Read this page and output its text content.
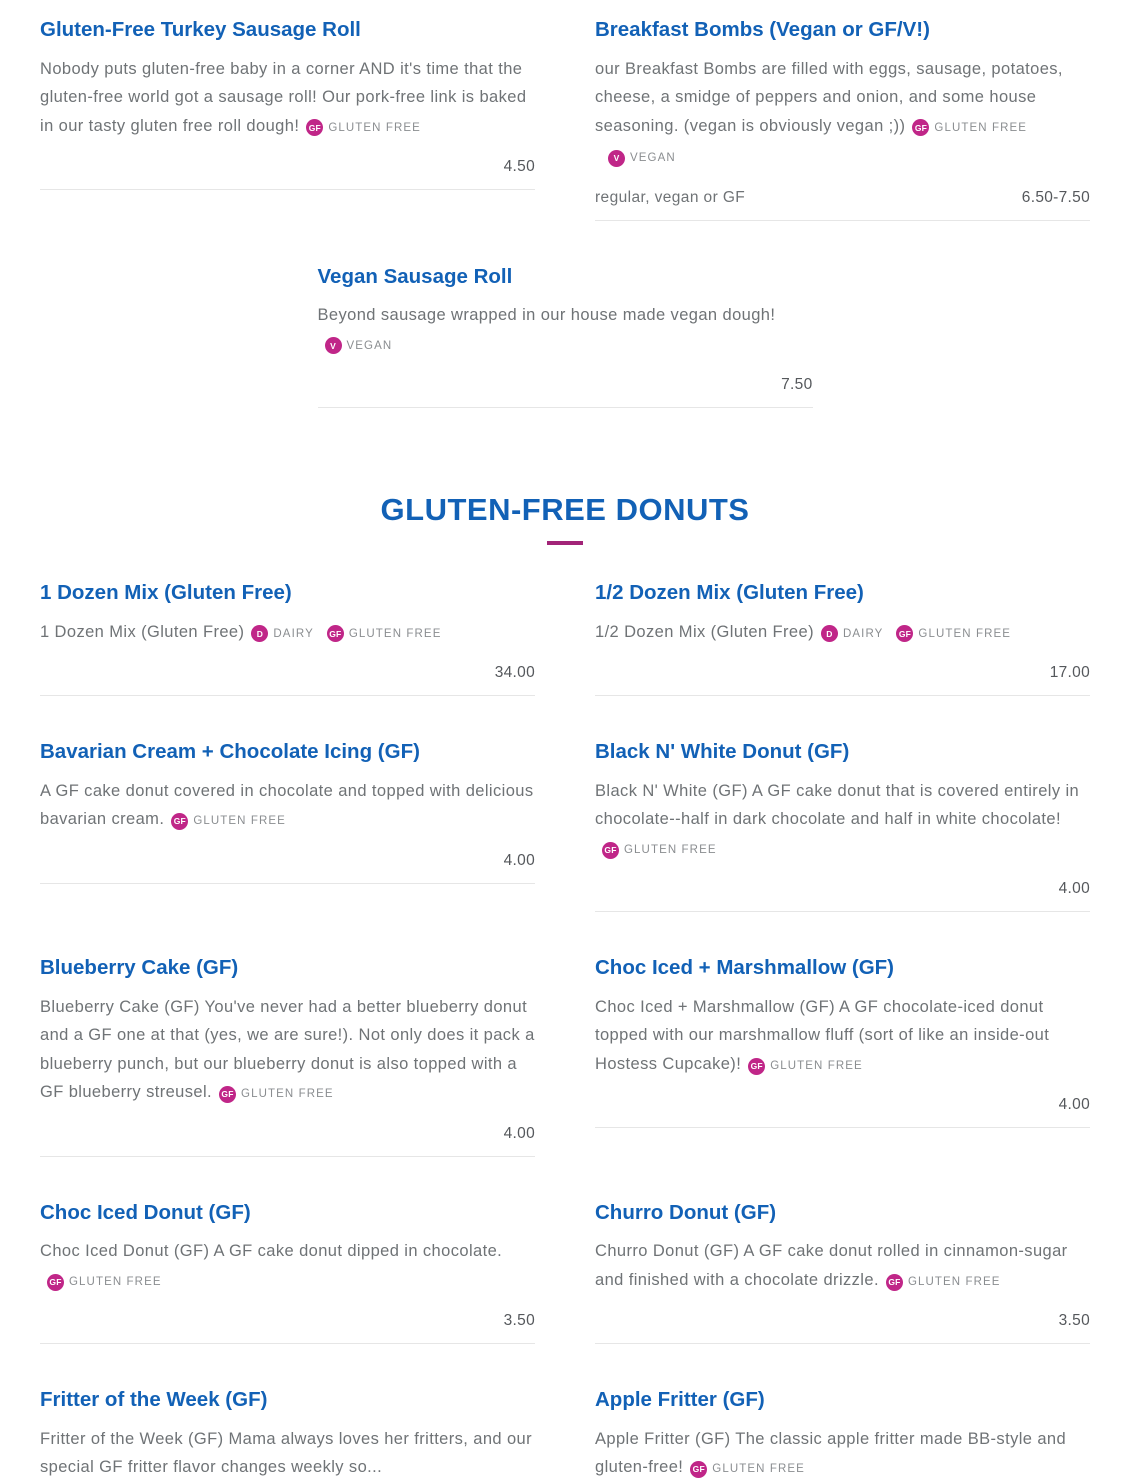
Gluten-Free Turkey Sausage Roll

Nobody puts gluten-free baby in a corner AND it's time that the gluten-free world got a sausage roll! Our pork-free link is baked in our tasty gluten free roll dough! GF GLUTEN FREE

4.50
Breakfast Bombs (Vegan or GF/V!)

our Breakfast Bombs are filled with eggs, sausage, potatoes, cheese, a smidge of peppers and onion, and some house seasoning. (vegan is obviously vegan ;)) GF GLUTEN FREE
V VEGAN

regular, vegan or GF	6.50-7.50
Vegan Sausage Roll

Beyond sausage wrapped in our house made vegan dough!
V VEGAN

7.50
GLUTEN-FREE DONUTS
1 Dozen Mix (Gluten Free)

1 Dozen Mix (Gluten Free)	D DAIRY GF GLUTEN FREE

34.00
1/2 Dozen Mix (Gluten Free)

1/2 Dozen Mix (Gluten Free)	D DAIRY GF GLUTEN FREE

17.00
Bavarian Cream + Chocolate Icing (GF)

A GF cake donut covered in chocolate and topped with delicious bavarian cream. GF GLUTEN FREE

4.00
Black N' White Donut (GF)

Black N' White (GF) A GF cake donut that is covered entirely in chocolate--half in dark chocolate and half in white chocolate!
GF GLUTEN FREE

4.00
Blueberry Cake (GF)

Blueberry Cake (GF) You've never had a better blueberry donut and a GF one at that (yes, we are sure!). Not only does it pack a blueberry punch, but our blueberry donut is also topped with a GF blueberry streusel. GF GLUTEN FREE

4.00
Choc Iced + Marshmallow (GF)

Choc Iced + Marshmallow (GF) A GF chocolate-iced donut topped with our marshmallow fluff (sort of like an inside-out Hostess Cupcake)! GF GLUTEN FREE

4.00
Choc Iced Donut (GF)

Choc Iced Donut (GF) A GF cake donut dipped in chocolate.
GF GLUTEN FREE

3.50
Churro Donut (GF)

Churro Donut (GF) A GF cake donut rolled in cinnamon-sugar and finished with a chocolate drizzle. GF GLUTEN FREE

3.50
Fritter of the Week (GF)

Fritter of the Week (GF) Mama always loves her fritters, and our special GF fritter flavor changes weekly so...

Apple Fritter (GF)

Apple Fritter (GF) The classic apple fritter made BB-style and gluten-free! GF GLUTEN FREE
